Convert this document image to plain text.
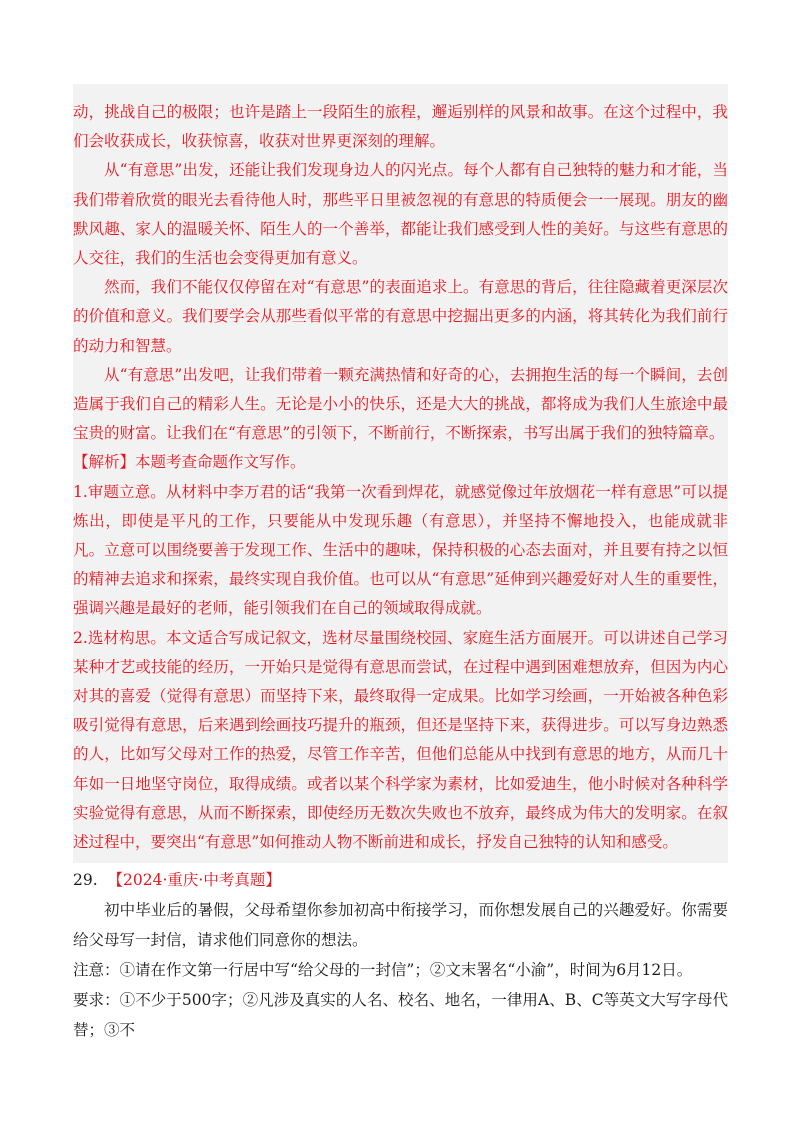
动，挑战自己的极限；也许是踏上一段陌生的旅程，邂逅别样的风景和故事。在这个过程中，我们会收获成长，收获惊喜，收获对世界更深刻的理解。

从“有意思”出发，还能让我们发现身边人的闪光点。每个人都有自己独特的魅力和才能，当我们带着欣赏的眼光去看待他人时，那些平日里被忽视的有意思的特质便会一一展现。朋友的幽默风趣、家人的温暖关怀、陌生人的一个善举，都能让我们感受到人性的美好。与这些有意思的人交往，我们的生活也会变得更加有意义。

然而，我们不能仅仅停留在对“有意思”的表面追求上。有意思的背后，往往隐藏着更深层次的价值和意义。我们要学会从那些看似平常的有意思中挖掘出更多的内涵，将其转化为我们前行的动力和智慧。

从“有意思”出发吧，让我们带着一颗充满热情和好奇的心，去拥抱生活的每一个瞬间，去创造属于我们自己的精彩人生。无论是小小的快乐，还是大大的挑战，都将成为我们人生旅途中最宝贵的财富。让我们在“有意思”的引领下，不断前行，不断探索，书写出属于我们的独特篇章。

【解析】本题考查命题作文写作。

1.审题立意。从材料中李万君的话“我第一次看到焊花，就感觉像过年放烟花一样有意思”可以提炼出，即使是平凡的工作，只要能从中发现乐趣（有意思），并坚持不懈地投入，也能成就非凡。立意可以围绕要善于发现工作、生活中的趣味，保持积极的心态去面对，并且要有持之以恒的精神去追求和探索，最终实现自我价值。也可以从“有意思”延伸到兴趣爱好对人生的重要性，强调兴趣是最好的老师，能引领我们在自己的领域取得成就。

2.选材构思。本文适合写成记叙文，选材尽量围绕校园、家庭生活方面展开。可以讲述自己学习某种才艺或技能的经历，一开始只是觉得有意思而尝试，在过程中遇到困难想放弃，但因为内心对其的喜爱（觉得有意思）而坚持下来，最终取得一定成果。比如学习绘画，一开始被各种色彩吸引觉得有意思，后来遇到绘画技巧提升的瓶颈，但还是坚持下来，获得进步。可以写身边熟悉的人，比如写父母对工作的热爱，尽管工作辛苦，但他们总能从中找到有意思的地方，从而几十年如一日地坚守岗位，取得成绩。或者以某个科学家为素材，比如爱迪生，他小时候对各种科学实验觉得有意思，从而不断探索，即使经历无数次失败也不放弃，最终成为伟大的发明家。在叙述过程中，要突出“有意思”如何推动人物不断前进和成长，抒发自己独特的认知和感受。

29. 【2024·重庆·中考真题】

初中毕业后的暑假，父母希望你参加初高中衔接学习，而你想发展自己的兴趣爱好。你需要给父母写一封信，请求他们同意你的想法。

注意：①请在作文第一行居中写“给父母的一封信”；②文末署名“小渝”，时间为6月12日。

要求：①不少于500字；②凡涉及真实的人名、校名、地名，一律用A、B、C等英文大写字母代替；③不
